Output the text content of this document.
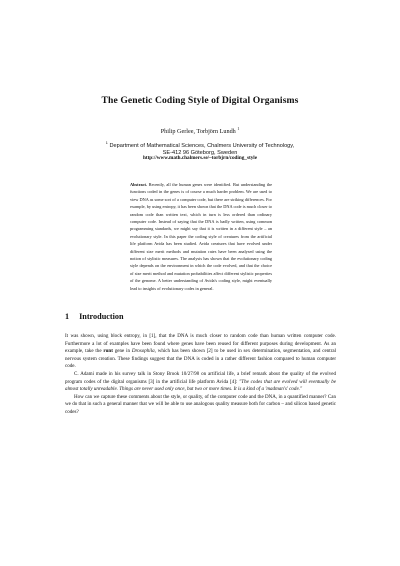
The Genetic Coding Style of Digital Organisms
Philip Gerlee, Torbjörn Lundh $^1$
$^1$ Department of Mathematical Sciences, Chalmers University of Technology,
SE-412 96 Göteborg, Sweden
http://www.math.chalmers.se/~torbjrn/coding_style
Abstract. Recently, all the human genes were identified. But understanding the functions coded in the genes is of course a much harder problem. We are used to view DNA as some sort of a computer code, but there are striking differences. For example, by using entropy, it has been shown that the DNA code is much closer to random code than written text, which in turn is less ordered than ordinary computer code. Instead of saying that the DNA is badly written, using common programming standards, we might say that it is written in a different style – an evolutionary style. In this paper the coding style of creatures from the artificial life platform Avida has been studied. Avida creatures that have evolved under different size merit methods and mutation rates have been analysed using the notion of stylistic measures. The analysis has shown that the evolutionary coding style depends on the environment in which the code evolved, and that the choice of size merit method and mutation probabilities affect different stylistic properties of the genome. A better understanding of Avida's coding style, might eventually lead to insights of evolutionary codes in general.
1 Introduction

It was shown, using block entropy, in [1], that the DNA is much closer to random code than human written computer code. Furthermore a lot of examples have been found where genes have been reused for different purposes during development. As an example, take the runt gene in Drosophila, which has been shown [2] to be used in sex determination, segmentation, and central nervous system creation. These findings suggest that the DNA is coded in a rather different fashion compared to human computer code.

C. Adami made in his survey talk in Stony Brook 10/27/98 on artificial life, a brief remark about the quality of the evolved program codes of the digital organisms [3] in the artificial life platform Avida [4]: "The codes that are evolved will eventually be almost totally unreadable. Things are never used only once, but two or more times. It is a kind of a 'madman's' code."

How can we capture these comments about the style, or quality, of the computer code and the DNA, in a quantified manner? Can we do that in such a general manner that we will be able to use analogous quality measure both for carbon – and silicon based genetic codes?
